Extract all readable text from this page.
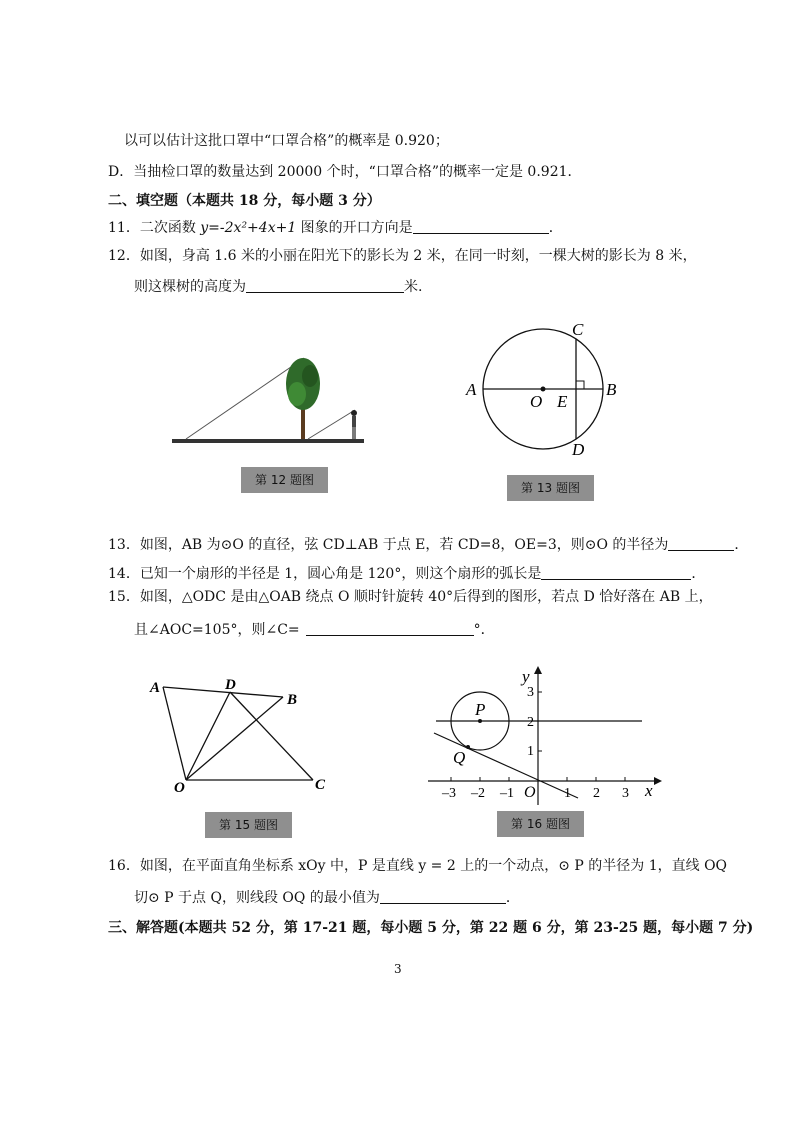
以可以估计这批口罩中“口罩合格”的概率是 0.920；
D．当抽检口罩的数量达到 20000 个时，“口罩合格”的概率一定是 0.921．
二、填空题（本题共 18 分，每小题 3 分）
11．二次函数 y=-2x²+4x+1 图象的开口方向是	．
12．如图，身高 1.6 米的小丽在阳光下的影长为 2 米，在同一时刻，一棵大树的影长为 8 米，
则这棵树的高度为	米.
第 12 题图
A	B
C
D
O E
第 13 题图
13．如图，AB 为⊙O 的直径，弦 CD⊥AB 于点 E，若 CD=8，OE=3，则⊙O 的半径为	．
14．已知一个扇形的半径是 1，圆心角是 120°，则这个扇形的弧长是	．
15．如图，△ODC 是由△OAB 绕点 O 顺时针旋转 40°后得到的图形，若点 D 恰好落在 AB 上，
且∠AOC=105°，则∠C=	°．
A	D
B
O	C
第 15 题图
y
x
O
P
Q
3
2
1
–3 –2 –1	1 2 3
第 16 题图
16．如图，在平面直角坐标系 xOy 中，P 是直线 y = 2 上的一个动点，⊙ P 的半径为 1，直线 OQ
切⊙ P 于点 Q，则线段 OQ 的最小值为	．
三、解答题(本题共 52 分，第 17-21 题，每小题 5 分，第 22 题 6 分，第 23-25 题，每小题 7 分)
3
